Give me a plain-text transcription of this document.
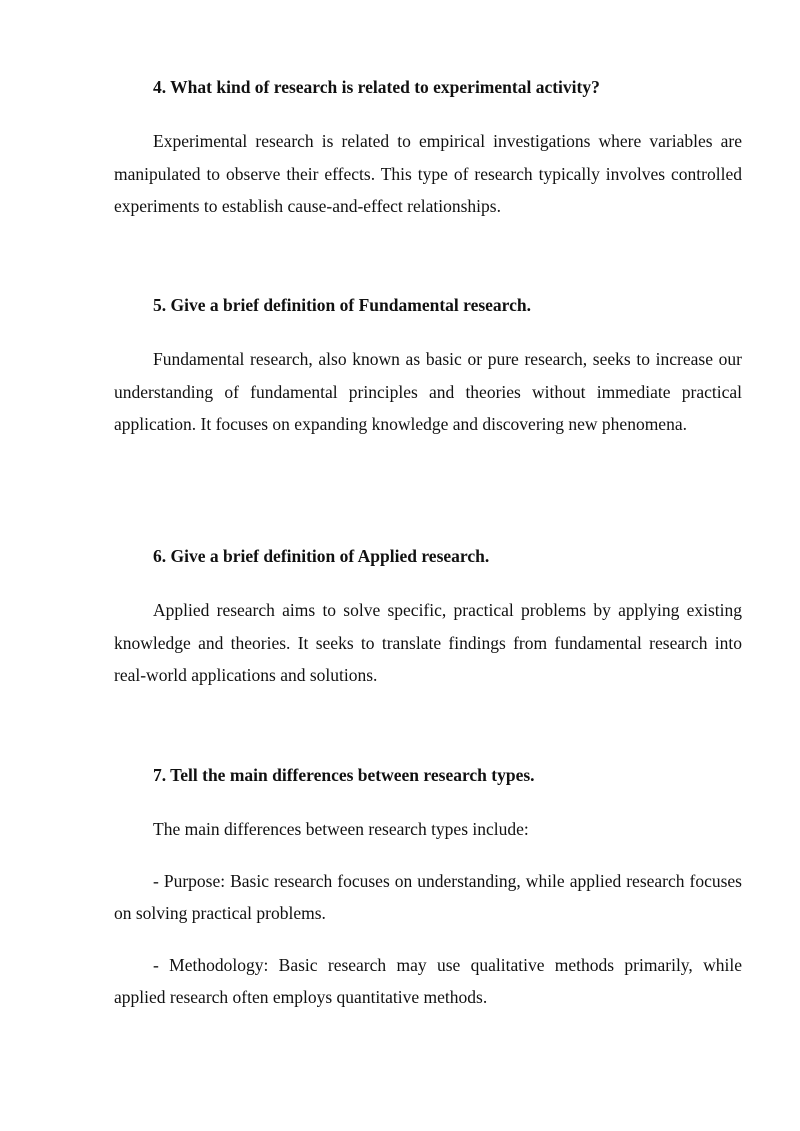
4. What kind of research is related to experimental activity?

Experimental research is related to empirical investigations where variables are manipulated to observe their effects. This type of research typically involves controlled experiments to establish cause-and-effect relationships.

5. Give a brief definition of Fundamental research.

Fundamental research, also known as basic or pure research, seeks to increase our understanding of fundamental principles and theories without immediate practical application. It focuses on expanding knowledge and discovering new phenomena.

6. Give a brief definition of Applied research.

Applied research aims to solve specific, practical problems by applying existing knowledge and theories. It seeks to translate findings from fundamental research into real-world applications and solutions.

7. Tell the main differences between research types.

The main differences between research types include:

- Purpose: Basic research focuses on understanding, while applied research focuses on solving practical problems.

- Methodology: Basic research may use qualitative methods primarily, while applied research often employs quantitative methods.
